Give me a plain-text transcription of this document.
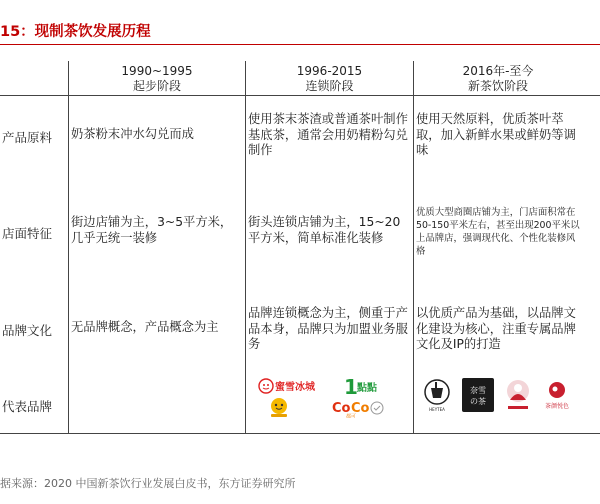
15：现制茶饮发展历程
1990~1995
起步阶段
1996-2015
连锁阶段
2016年-至今
新茶饮阶段
产品原料
店面特征
品牌文化
代表品牌
奶茶粉末冲水勾兑而成
使用茶末茶渣或普通茶叶制作基底茶，通常会用奶精粉勾兑制作
使用天然原料，优质茶叶萃取，加入新鲜水果或鲜奶等调味
街边店铺为主，3~5平方米，几乎无统一装修
街头连锁店铺为主，15~20平方米，简单标准化装修
优质大型商圈店铺为主，门店面积常在50-150平米左右，甚至出现200平米以上品牌店，强调现代化、个性化装修风格
无品牌概念，产品概念为主
品牌连锁概念为主，侧重于产品本身，品牌只为加盟业务服务
以优质产品为基础，以品牌文化建设为核心，注重专属品牌文化及IP的打造
蜜雪冰城 1 點點
Co Co
都可
HEYTEA
奈雪
の茶
茶颜悦色
据来源：2020 中国新茶饮行业发展白皮书，东方证券研究所
